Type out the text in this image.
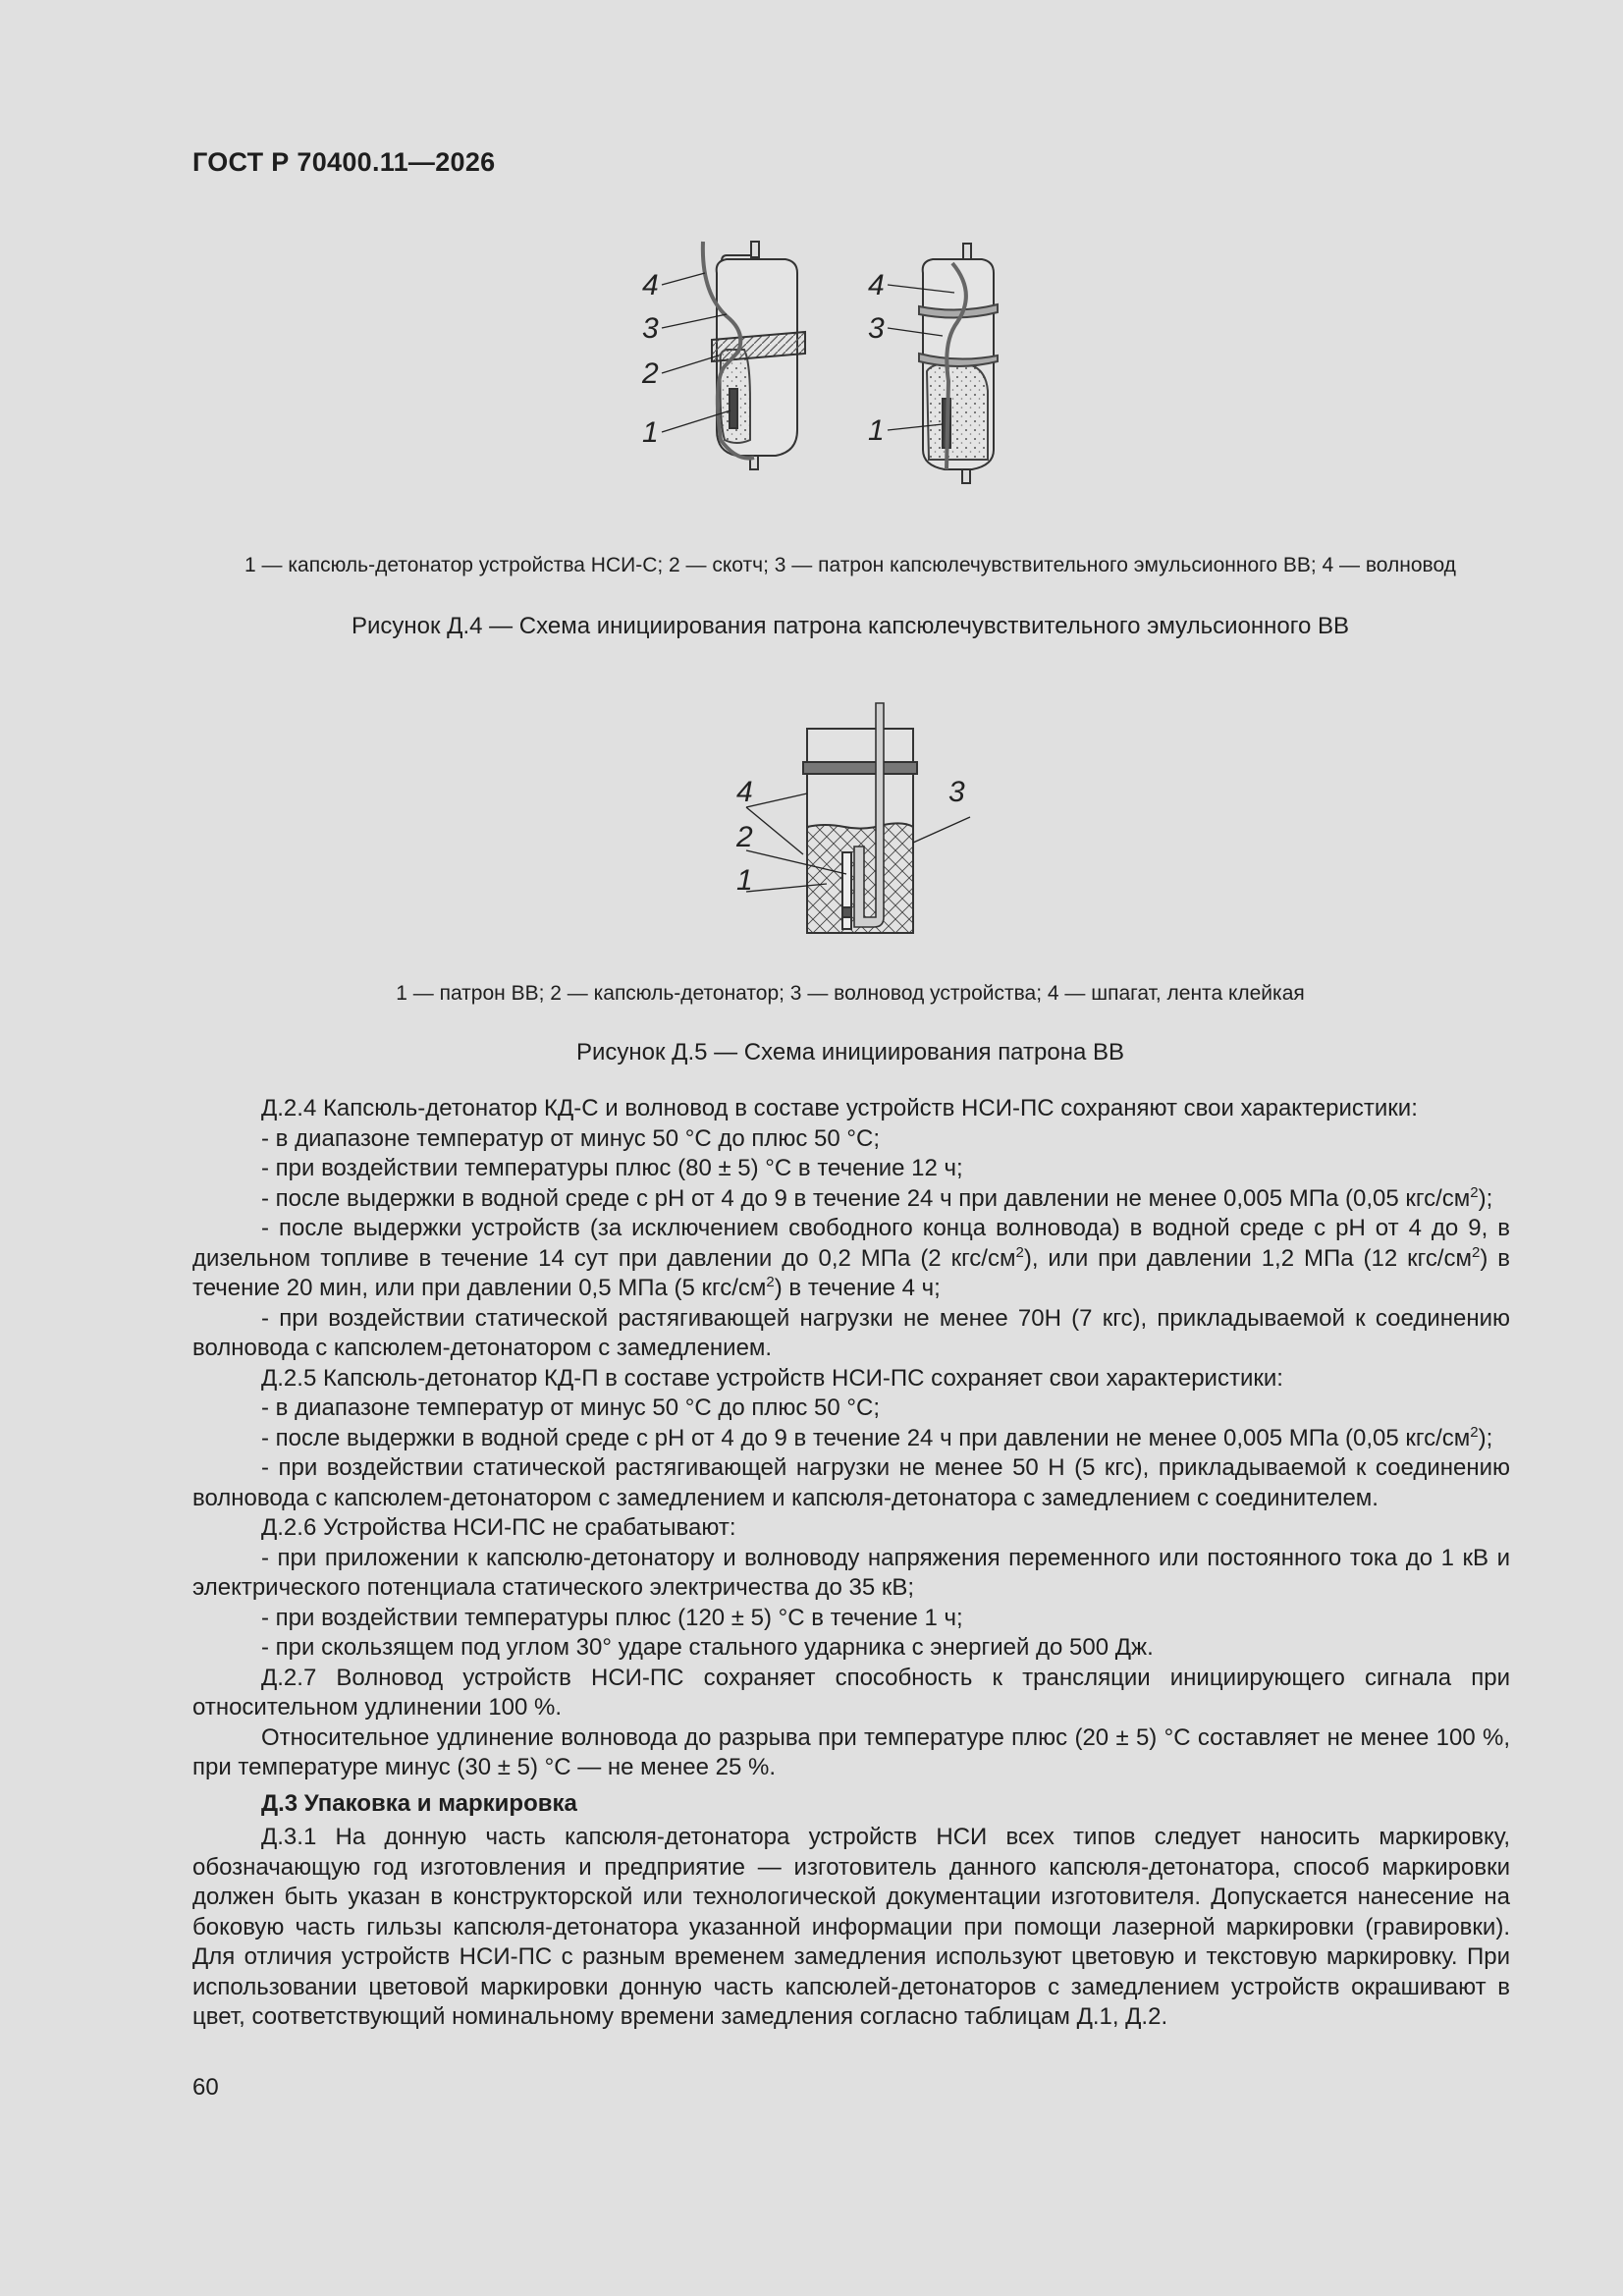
ГОСТ Р 70400.11—2026
4
3
2
1
4
3
1
1 — капсюль-детонатор устройства НСИ-С; 2 — скотч; 3 — патрон капсюлечувствительного эмульсионного ВВ; 4 — волновод
Рисунок Д.4 — Схема инициирования патрона капсюлечувствительного эмульсионного ВВ
4	3
2
1
1 — патрон ВВ; 2 — капсюль-детонатор; 3 — волновод устройства; 4 — шпагат, лента клейкая
Рисунок Д.5 — Схема инициирования патрона ВВ

Д.2.4 Капсюль-детонатор КД-С и волновод в составе устройств НСИ-ПС сохраняют свои характеристики:

- в диапазоне температур от минус 50 °С до плюс 50 °С;

- при воздействии температуры плюс (80 ± 5) °С в течение 12 ч;

- после выдержки в водной среде с рН от 4 до 9 в течение 24 ч при давлении не менее 0,005 МПа (0,05 кгс/$см^2$);

- после выдержки устройств (за исключением свободного конца волновода) в водной среде с рН от 4 до 9, в дизельном топливе в течение 14 сут при давлении до 0,2 МПа (2 кгс/$см^2$), или при давлении 1,2 МПа (12 кгс/$см^2$) в течение 20 мин, или при давлении 0,5 МПа (5 кгс/$см^2$) в течение 4 ч;

- при воздействии статической растягивающей нагрузки не менее 70Н (7 кгс), прикладываемой к соединению волновода с капсюлем-детонатором с замедлением.

Д.2.5 Капсюль-детонатор КД-П в составе устройств НСИ-ПС сохраняет свои характеристики:

- в диапазоне температур от минус 50 °С до плюс 50 °С;

- после выдержки в водной среде с рН от 4 до 9 в течение 24 ч при давлении не менее 0,005 МПа (0,05 кгс/$см^2$);

- при воздействии статической растягивающей нагрузки не менее 50 Н (5 кгс), прикладываемой к соединению волновода с капсюлем-детонатором с замедлением и капсюля-детонатора с замедлением с соединителем.

Д.2.6 Устройства НСИ-ПС не срабатывают:

- при приложении к капсюлю-детонатору и волноводу напряжения переменного или постоянного тока до 1 кВ и электрического потенциала статического электричества до 35 кВ;

- при воздействии температуры плюс (120 ± 5) °С в течение 1 ч;

- при скользящем под углом 30° ударе стального ударника с энергией до 500 Дж.

Д.2.7 Волновод устройств НСИ-ПС сохраняет способность к трансляции инициирующего сигнала при относительном удлинении 100 %.

Относительное удлинение волновода до разрыва при температуре плюс (20 ± 5) °С составляет не менее 100 %, при температуре минус (30 ± 5) °С — не менее 25 %.

Д.3 Упаковка и маркировка

Д.3.1 На донную часть капсюля-детонатора устройств НСИ всех типов следует наносить маркировку, обозначающую год изготовления и предприятие — изготовитель данного капсюля-детонатора, способ маркировки должен быть указан в конструкторской или технологической документации изготовителя. Допускается нанесение на боковую часть гильзы капсюля-детонатора указанной информации при помощи лазерной маркировки (гравировки). Для отличия устройств НСИ-ПС с разным временем замедления используют цветовую и текстовую маркировку. При использовании цветовой маркировки донную часть капсюлей-детонаторов с замедлением устройств окрашивают в цвет, соответствующий номинальному времени замедления согласно таблицам Д.1, Д.2.

60
